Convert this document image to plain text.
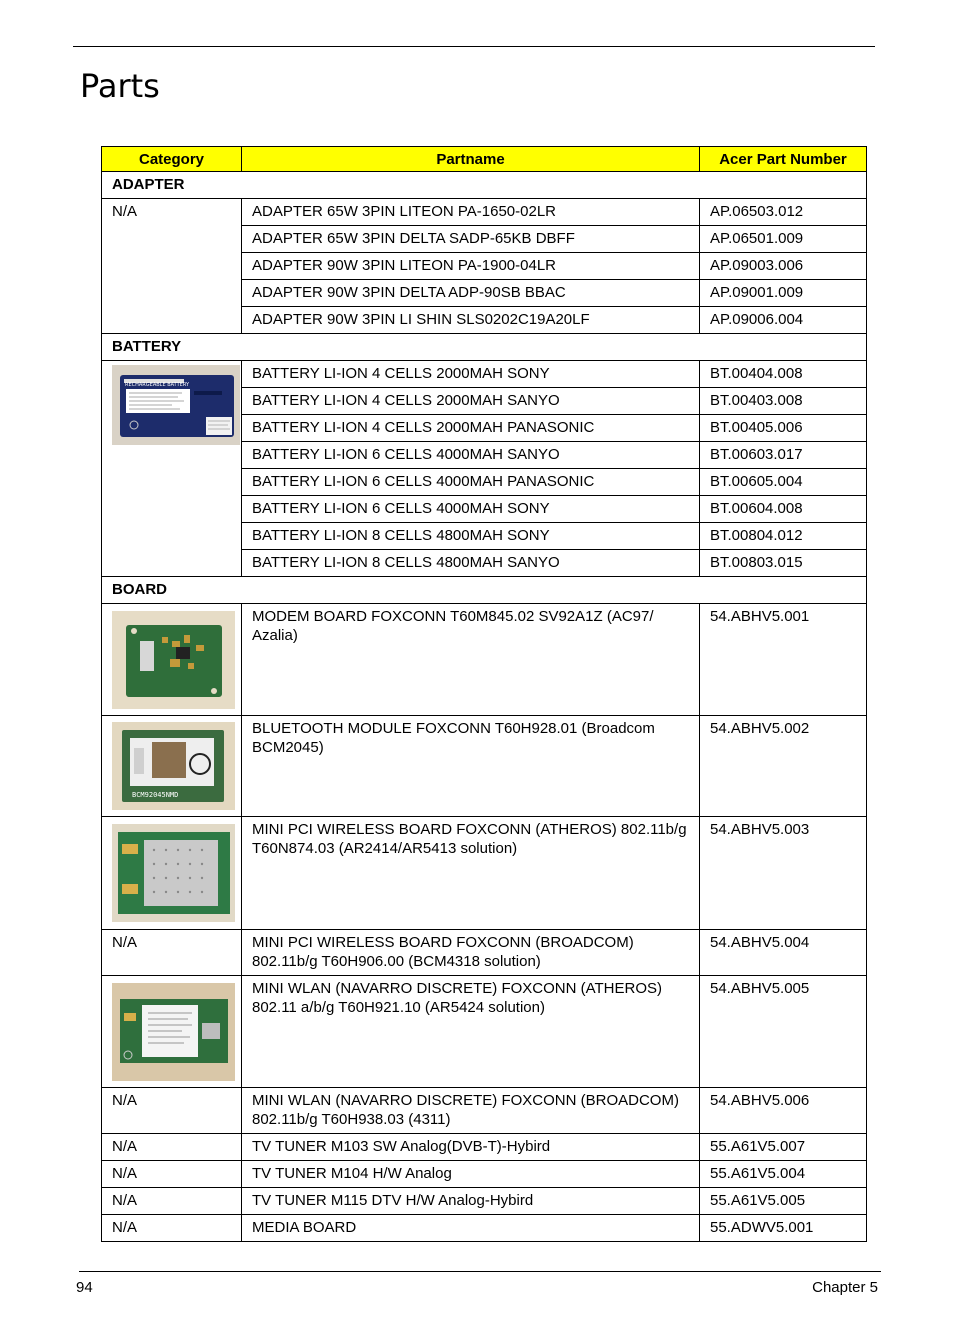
Parts
Category	Partname	Acer Part Number
ADAPTER		
N/A	ADAPTER 65W 3PIN LITEON PA-1650-02LR	AP.06503.012
	ADAPTER 65W 3PIN DELTA SADP-65KB DBFF	AP.06501.009
	ADAPTER 90W 3PIN LITEON PA-1900-04LR	AP.09003.006
	ADAPTER 90W 3PIN DELTA ADP-90SB BBAC	AP.09001.009
	ADAPTER 90W 3PIN LI SHIN SLS0202C19A20LF	AP.09006.004
BATTERY		

RECHARGEABLE BATTERY	BATTERY LI-ION 4 CELLS 2000MAH SONY	BT.00404.008
	BATTERY LI-ION 4 CELLS 2000MAH SANYO	BT.00403.008
	BATTERY LI-ION 4 CELLS 2000MAH PANASONIC	BT.00405.006
	BATTERY LI-ION 6 CELLS 4000MAH SANYO	BT.00603.017
	BATTERY LI-ION 6 CELLS 4000MAH PANASONIC	BT.00605.004
	BATTERY LI-ION 6 CELLS 4000MAH SONY	BT.00604.008
	BATTERY LI-ION 8 CELLS 4800MAH SONY	BT.00804.012
	BATTERY LI-ION 8 CELLS 4800MAH SANYO	BT.00803.015
BOARD		

	MODEM BOARD FOXCONN T60M845.02 SV92A1Z (AC97/ Azalia)	54.ABHV5.001

BCM92045NMD	BLUETOOTH MODULE FOXCONN T60H928.01 (Broadcom BCM2045)	54.ABHV5.002

	MINI PCI WIRELESS BOARD FOXCONN (ATHEROS) 802.11b/g T60N874.03 (AR2414/AR5413 solution)	54.ABHV5.003
N/A	MINI PCI WIRELESS BOARD FOXCONN (BROADCOM) 802.11b/g T60H906.00 (BCM4318 solution)	54.ABHV5.004

	MINI WLAN (NAVARRO DISCRETE) FOXCONN (ATHEROS) 802.11 a/b/g T60H921.10 (AR5424 solution)	54.ABHV5.005
N/A	MINI WLAN (NAVARRO DISCRETE) FOXCONN (BROADCOM) 802.11b/g T60H938.03 (4311)	54.ABHV5.006
N/A	TV TUNER M103 SW Analog(DVB-T)-Hybird	55.A61V5.007
N/A	TV TUNER M104 H/W Analog	55.A61V5.004
N/A	TV TUNER M115 DTV H/W Analog-Hybird	55.A61V5.005
N/A	MEDIA BOARD	55.ADWV5.001
94	Chapter 5
